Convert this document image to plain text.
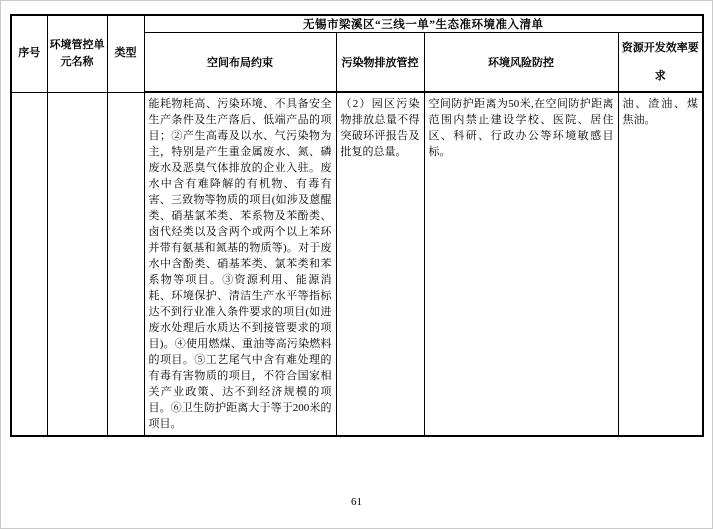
序号	环境管控单元名称	类型	无锡市梁溪区“三线一单”生态准环境准入清单			
			空间布局约束	污染物排放管控	环境风险防控	资源开发效率要求
			能耗物耗高、污染环境、不具备安全生产条件及生产落后、低端产品的项目；②产生高毒及以水、气污染物为主，特别是产生重金属废水、氮、磷废水及恶臭气体排放的企业入驻。废水中含有难降解的有机物、有毒有害、三致物等物质的项目(如涉及蒽醌类、硝基氯苯类、苯系物及苯酚类、卤代烃类以及含两个或两个以上苯环并带有氨基和氮基的物质等)。对于废水中含酚类、硝基苯类、氯苯类和苯系物等项目。③资源利用、能源消耗、环境保护、清洁生产水平等指标达不到行业准入条件要求的项目(如进废水处理后水质达不到接管要求的项目)。④使用燃煤、重油等高污染燃料的项目。⑤工艺尾气中含有难处理的有毒有害物质的项目，不符合国家相关产业政策、达不到经济规模的项目。⑥卫生防护距离大于等于200米的项目。	（2）园区污染物排放总量不得突破环评报告及批复的总量。	空间防护距离为50米,在空间防护距离范围内禁止建设学校、医院、居住区、科研、行政办公等环境敏感目标。	油、渣油、煤焦油。
61
